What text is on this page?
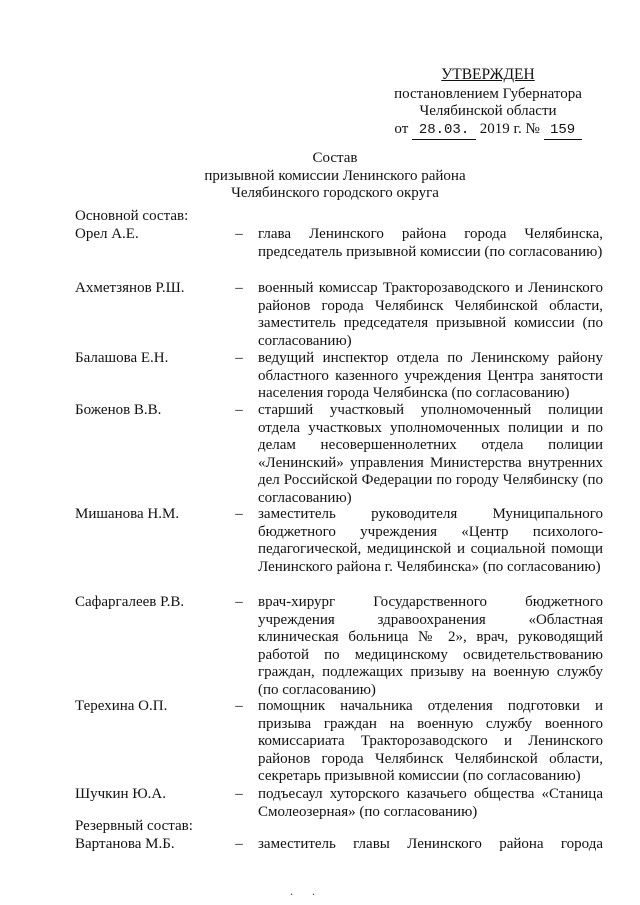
УТВЕРЖДЕН
постановлением Губернатора
Челябинской области
от 28.03. 2019 г. № 159
Состав
призывной комиссии Ленинского района
Челябинского городского округа
Основной состав:
Орел А.Е.	– глава Ленинского района города Челябинска, председатель призывной комиссии (по согласованию)
Ахметзянов Р.Ш.	– военный комиссар Тракторозаводского и Ленинского районов города Челябинск Челябинской области, заместитель председателя призывной комиссии (по согласованию)
Балашова Е.Н.	– ведущий инспектор отдела по Ленинскому району областного казенного учреждения Центра занятости населения города Челябинска (по согласованию)
Боженов В.В.	– старший участковый уполномоченный полиции отдела участковых уполномоченных полиции и по делам несовершеннолетних отдела полиции «Ленинский» управления Министерства внутренних дел Российской Федерации по городу Челябинску (по согласованию)
Мишанова Н.М.	– заместитель руководителя Муниципального бюджетного учреждения «Центр психолого-педагогической, медицинской и социальной помощи Ленинского района г. Челябинска» (по согласованию)
Сафаргалеев Р.В.	– врач-хирург Государственного бюджетного учреждения здравоохранения «Областная клиническая больница № 2», врач, руководящий работой по медицинскому освидетельствованию граждан, подлежащих призыву на военную службу (по согласованию)
Терехина О.П.	– помощник начальника отделения подготовки и призыва граждан на военную службу военного комиссариата Тракторозаводского и Ленинского районов города Челябинск Челябинской области, секретарь призывной комиссии (по согласованию)
Шучкин Ю.А.	– подъесаул хуторского казачьего общества «Станица Смолеозерная» (по согласованию)
Резервный состав:
Вартанова М.Б.	– заместитель главы Ленинского района города
. .
